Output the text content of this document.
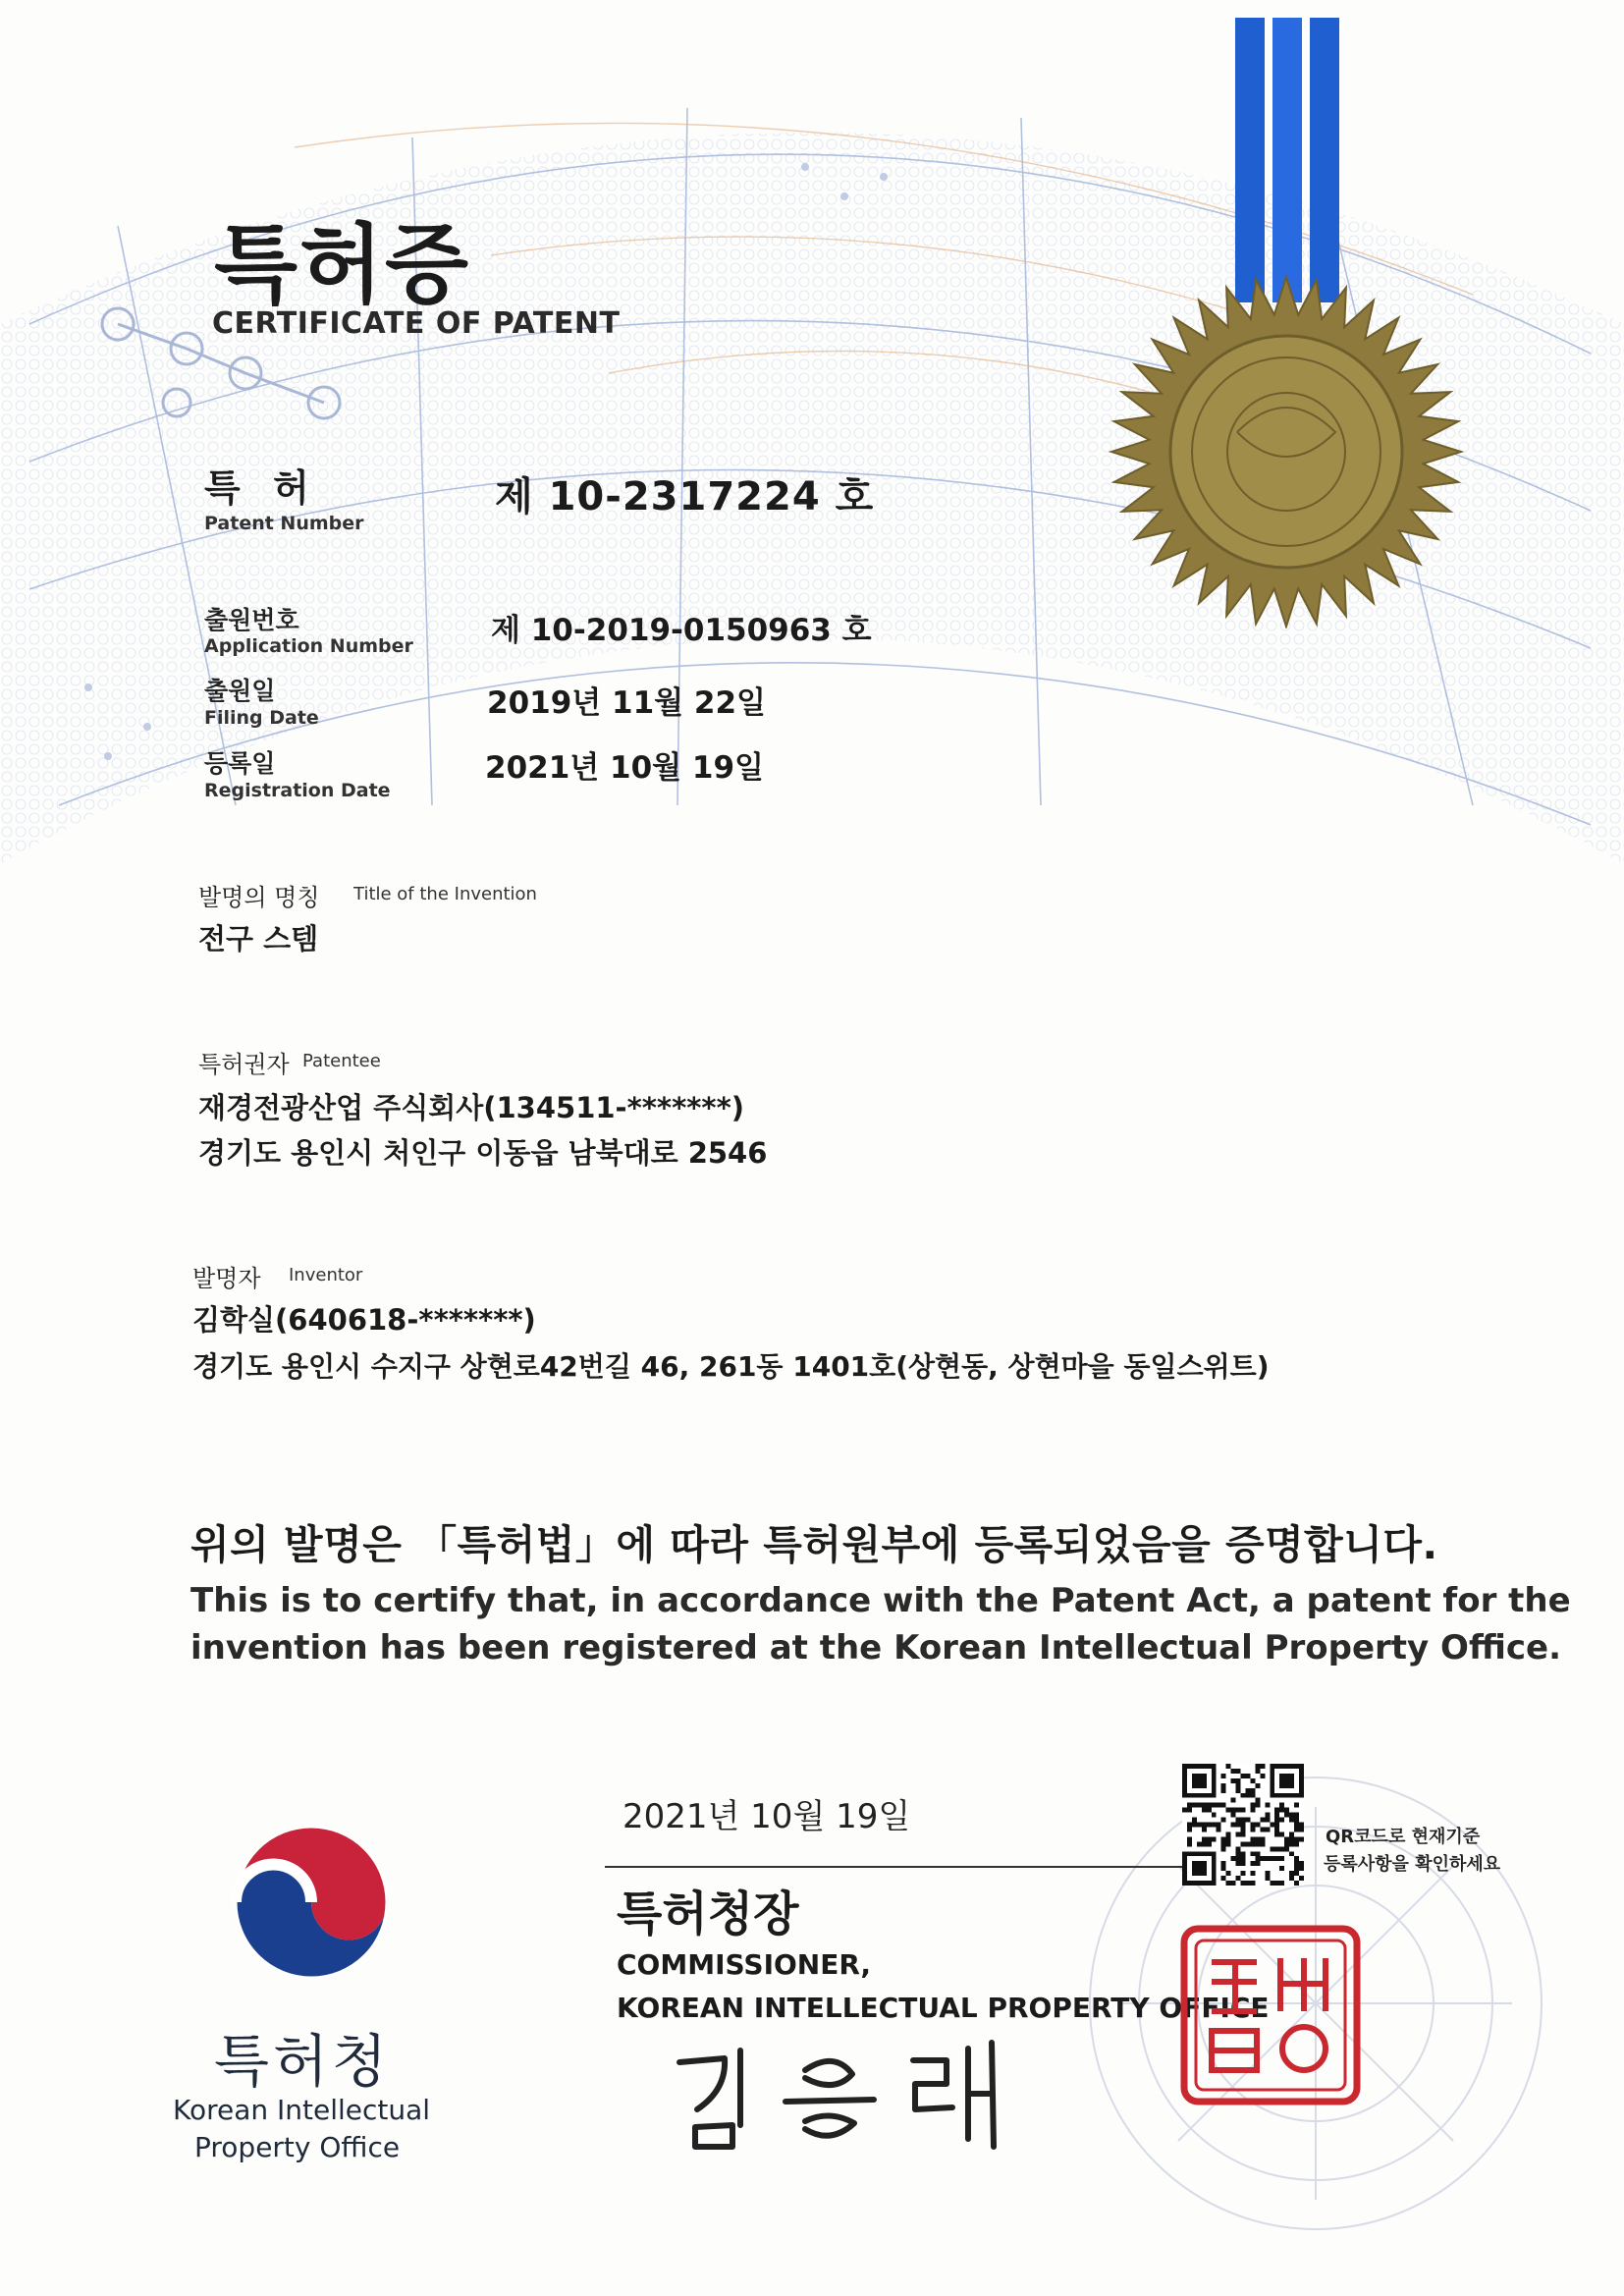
특허증
CERTIFICATE OF PATENT
특 허
Patent Number
제 10-2317224 호
출원번호
Application Number	제 10-2019-0150963 호
출원일
Filing Date	2019년 11월 22일
등록일
Registration Date
2021년 10월 19일
발명의 명칭 Title of the Invention
전구 스템
특허권자 Patentee
재경전광산업 주식회사(134511-*******)
경기도 용인시 처인구 이동읍 남북대로 2546
발명자 Inventor
김학실(640618-*******)
경기도 용인시 수지구 상현로42번길 46, 261동 1401호(상현동, 상현마을 동일스위트)
위의 발명은 「특허법」에 따라 특허원부에 등록되었음을 증명합니다.
This is to certify that, in accordance with the Patent Act, a patent for the
invention has been registered at the Korean Intellectual Property Office.
2021년 10월 19일
특허청장
COMMISSIONER,
KOREAN INTELLECTUAL PROPERTY OFFICE
QR코드로 현재기준
등록사항을 확인하세요
특허청
Korean Intellectual
Property Office
